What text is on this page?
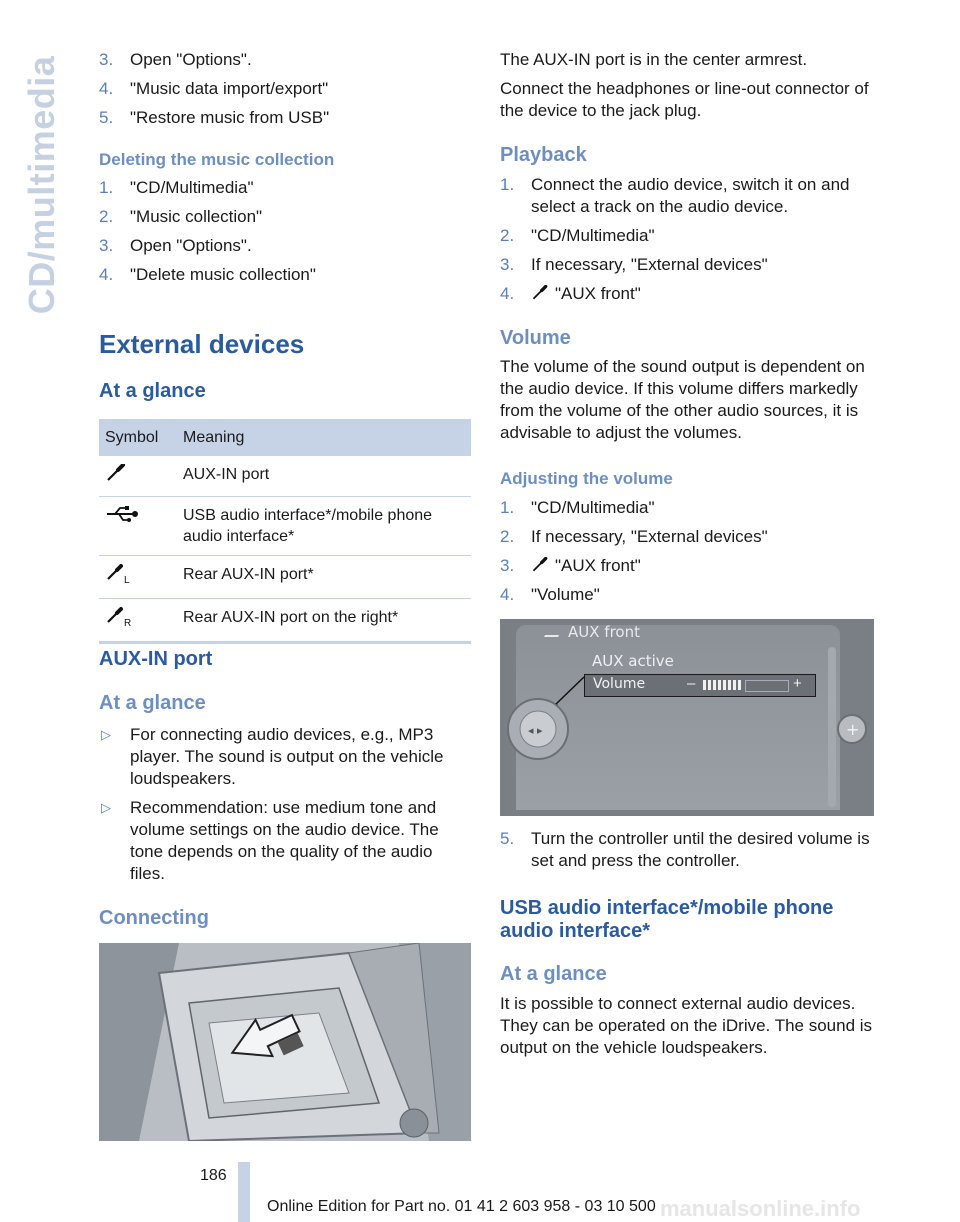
CD/multimedia 3. Open "Options".
4. "Music data import/export"
5. "Restore music from USB"
Deleting the music collection
1. "CD/Multimedia"
2. "Music collection"
3. Open "Options".
4. "Delete music collection"
External devices
At a glance
Symbol	Meaning
	AUX-IN port
	USB audio interface*/mobile phone audio interface*

L	Rear AUX-IN port*

R	Rear AUX-IN port on the right*
AUX-IN port
At a glance
▷ For connecting audio devices, e.g., MP3 player. The sound is output on the vehicle loudspeakers.
▷ Recommendation: use medium tone and volume settings on the audio device. The tone depends on the quality of the audio files.
Connecting

The AUX-IN port is in the center armrest.

Connect the headphones or line-out connector of the device to the jack plug.

Playback
1. Connect the audio device, switch it on and select a track on the audio device.
2. "CD/Multimedia"
3. If necessary, "External devices"
4. "AUX front"
Volume

The volume of the sound output is dependent on the audio device. If this volume differs markedly from the volume of the other audio sources, it is advisable to adjust the volumes.

Adjusting the volume
1. "CD/Multimedia"
2. If necessary, "External devices"
3. "AUX front"
4. "Volume"
AUX front
AUX active
Volume	–	+
◂ ▸	+
5. Turn the controller until the desired volume is set and press the controller.
USB audio interface*/mobile phone audio interface*
At a glance

It is possible to connect external audio devices. They can be operated on the iDrive. The sound is output on the vehicle loudspeakers.

186
Online Edition for Part no. 01 41 2 603 958 - 03 10 500 manualsonline.info
